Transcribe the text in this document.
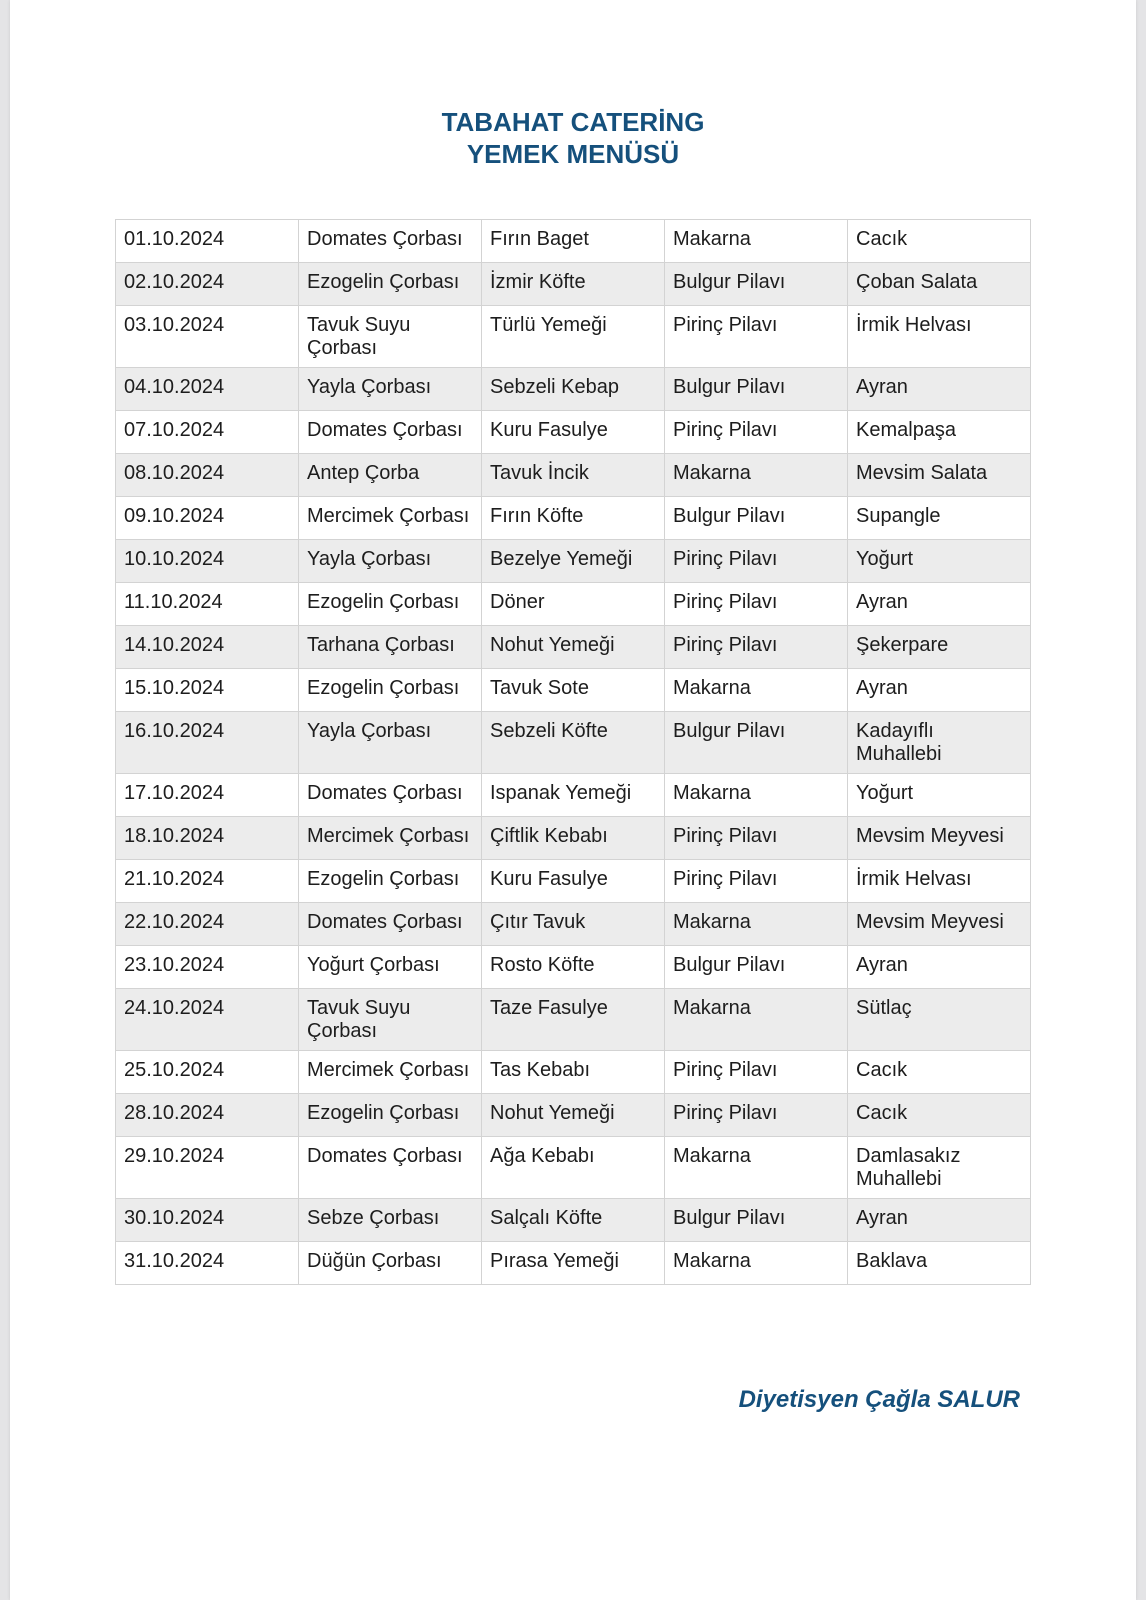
TABAHAT CATERİNG
YEMEK MENÜSÜ
01.10.2024	Domates Çorbası	Fırın Baget	Makarna	Cacık
02.10.2024	Ezogelin Çorbası	İzmir Köfte	Bulgur Pilavı	Çoban Salata
03.10.2024	Tavuk Suyu Çorbası	Türlü Yemeği	Pirinç Pilavı	İrmik Helvası
04.10.2024	Yayla Çorbası	Sebzeli Kebap	Bulgur Pilavı	Ayran
07.10.2024	Domates Çorbası	Kuru Fasulye	Pirinç Pilavı	Kemalpaşa
08.10.2024	Antep Çorba	Tavuk İncik	Makarna	Mevsim Salata
09.10.2024	Mercimek Çorbası	Fırın Köfte	Bulgur Pilavı	Supangle
10.10.2024	Yayla Çorbası	Bezelye Yemeği	Pirinç Pilavı	Yoğurt
11.10.2024	Ezogelin Çorbası	Döner	Pirinç Pilavı	Ayran
14.10.2024	Tarhana Çorbası	Nohut Yemeği	Pirinç Pilavı	Şekerpare
15.10.2024	Ezogelin Çorbası	Tavuk Sote	Makarna	Ayran
16.10.2024	Yayla Çorbası	Sebzeli Köfte	Bulgur Pilavı	Kadayıflı Muhallebi
17.10.2024	Domates Çorbası	Ispanak Yemeği	Makarna	Yoğurt
18.10.2024	Mercimek Çorbası	Çiftlik Kebabı	Pirinç Pilavı	Mevsim Meyvesi
21.10.2024	Ezogelin Çorbası	Kuru Fasulye	Pirinç Pilavı	İrmik Helvası
22.10.2024	Domates Çorbası	Çıtır Tavuk	Makarna	Mevsim Meyvesi
23.10.2024	Yoğurt Çorbası	Rosto Köfte	Bulgur Pilavı	Ayran
24.10.2024	Tavuk Suyu Çorbası	Taze Fasulye	Makarna	Sütlaç
25.10.2024	Mercimek Çorbası	Tas Kebabı	Pirinç Pilavı	Cacık
28.10.2024	Ezogelin Çorbası	Nohut Yemeği	Pirinç Pilavı	Cacık
29.10.2024	Domates Çorbası	Ağa Kebabı	Makarna	Damlasakız Muhallebi
30.10.2024	Sebze Çorbası	Salçalı Köfte	Bulgur Pilavı	Ayran
31.10.2024	Düğün Çorbası	Pırasa Yemeği	Makarna	Baklava
Diyetisyen Çağla SALUR
